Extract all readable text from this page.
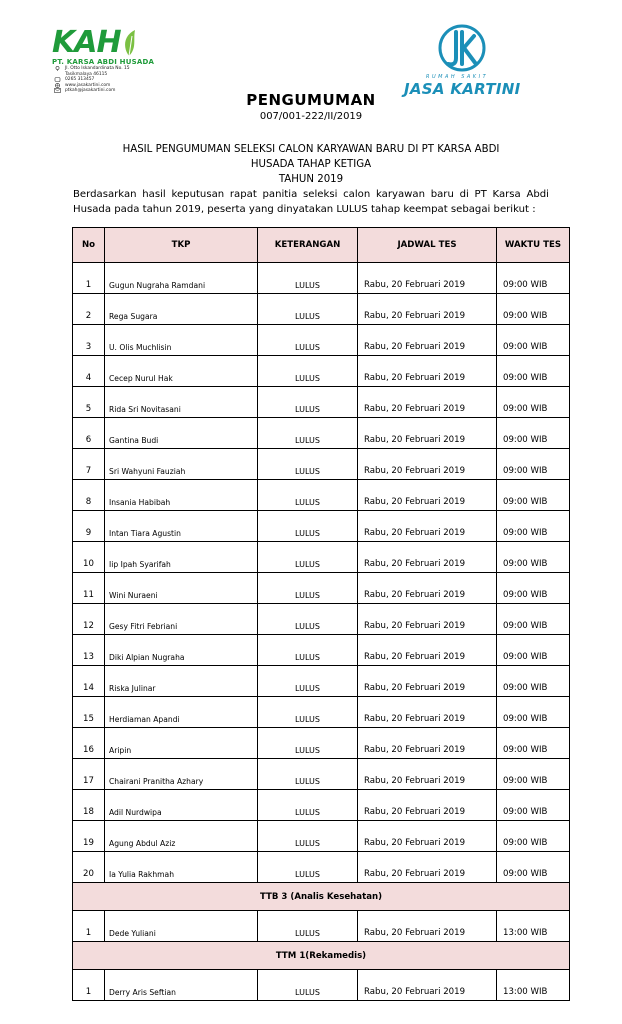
KAH
PT. KARSA ABDI HUSADA
Jl. Otto Iskandardinata No. 15
Tasikmalaya 46115
0265 313457
www.jasakartini.com
ptkah@jasakartini.com
RUMAH SAKIT
JASA KARTINI
PENGUMUMAN
007/001-222/II/2019
HASIL PENGUMUMAN SELEKSI CALON KARYAWAN BARU DI PT KARSA ABDI
HUSADA TAHAP KETIGA
TAHUN 2019
Berdasarkan hasil keputusan rapat panitia seleksi calon karyawan baru di PT Karsa Abdi Husada pada tahun 2019, peserta yang dinyatakan LULUS tahap keempat sebagai berikut :
No	TKP	KETERANGAN	JADWAL TES	WAKTU TES
1	Gugun Nugraha Ramdani	LULUS	Rabu, 20 Februari 2019	09:00 WIB
2	Rega Sugara	LULUS	Rabu, 20 Februari 2019	09:00 WIB
3	U. Olis Muchlisin	LULUS	Rabu, 20 Februari 2019	09:00 WIB
4	Cecep Nurul Hak	LULUS	Rabu, 20 Februari 2019	09:00 WIB
5	Rida Sri Novitasani	LULUS	Rabu, 20 Februari 2019	09:00 WIB
6	Gantina Budi	LULUS	Rabu, 20 Februari 2019	09:00 WIB
7	Sri Wahyuni Fauziah	LULUS	Rabu, 20 Februari 2019	09:00 WIB
8	Insania Habibah	LULUS	Rabu, 20 Februari 2019	09:00 WIB
9	Intan Tiara Agustin	LULUS	Rabu, 20 Februari 2019	09:00 WIB
10	Iip Ipah Syarifah	LULUS	Rabu, 20 Februari 2019	09:00 WIB
11	Wini Nuraeni	LULUS	Rabu, 20 Februari 2019	09:00 WIB
12	Gesy Fitri Febriani	LULUS	Rabu, 20 Februari 2019	09:00 WIB
13	Diki Alpian Nugraha	LULUS	Rabu, 20 Februari 2019	09:00 WIB
14	Riska Julinar	LULUS	Rabu, 20 Februari 2019	09:00 WIB
15	Herdiaman Apandi	LULUS	Rabu, 20 Februari 2019	09:00 WIB
16	Aripin	LULUS	Rabu, 20 Februari 2019	09:00 WIB
17	Chairani Pranitha Azhary	LULUS	Rabu, 20 Februari 2019	09:00 WIB
18	Adil Nurdwipa	LULUS	Rabu, 20 Februari 2019	09:00 WIB
19	Agung Abdul Aziz	LULUS	Rabu, 20 Februari 2019	09:00 WIB
20	Ia Yulia Rakhmah	LULUS	Rabu, 20 Februari 2019	09:00 WIB
TTB 3 (Analis Kesehatan)				
1	Dede Yuliani	LULUS	Rabu, 20 Februari 2019	13:00 WIB
TTM 1(Rekamedis)				
1	Derry Aris Seftian	LULUS	Rabu, 20 Februari 2019	13:00 WIB
